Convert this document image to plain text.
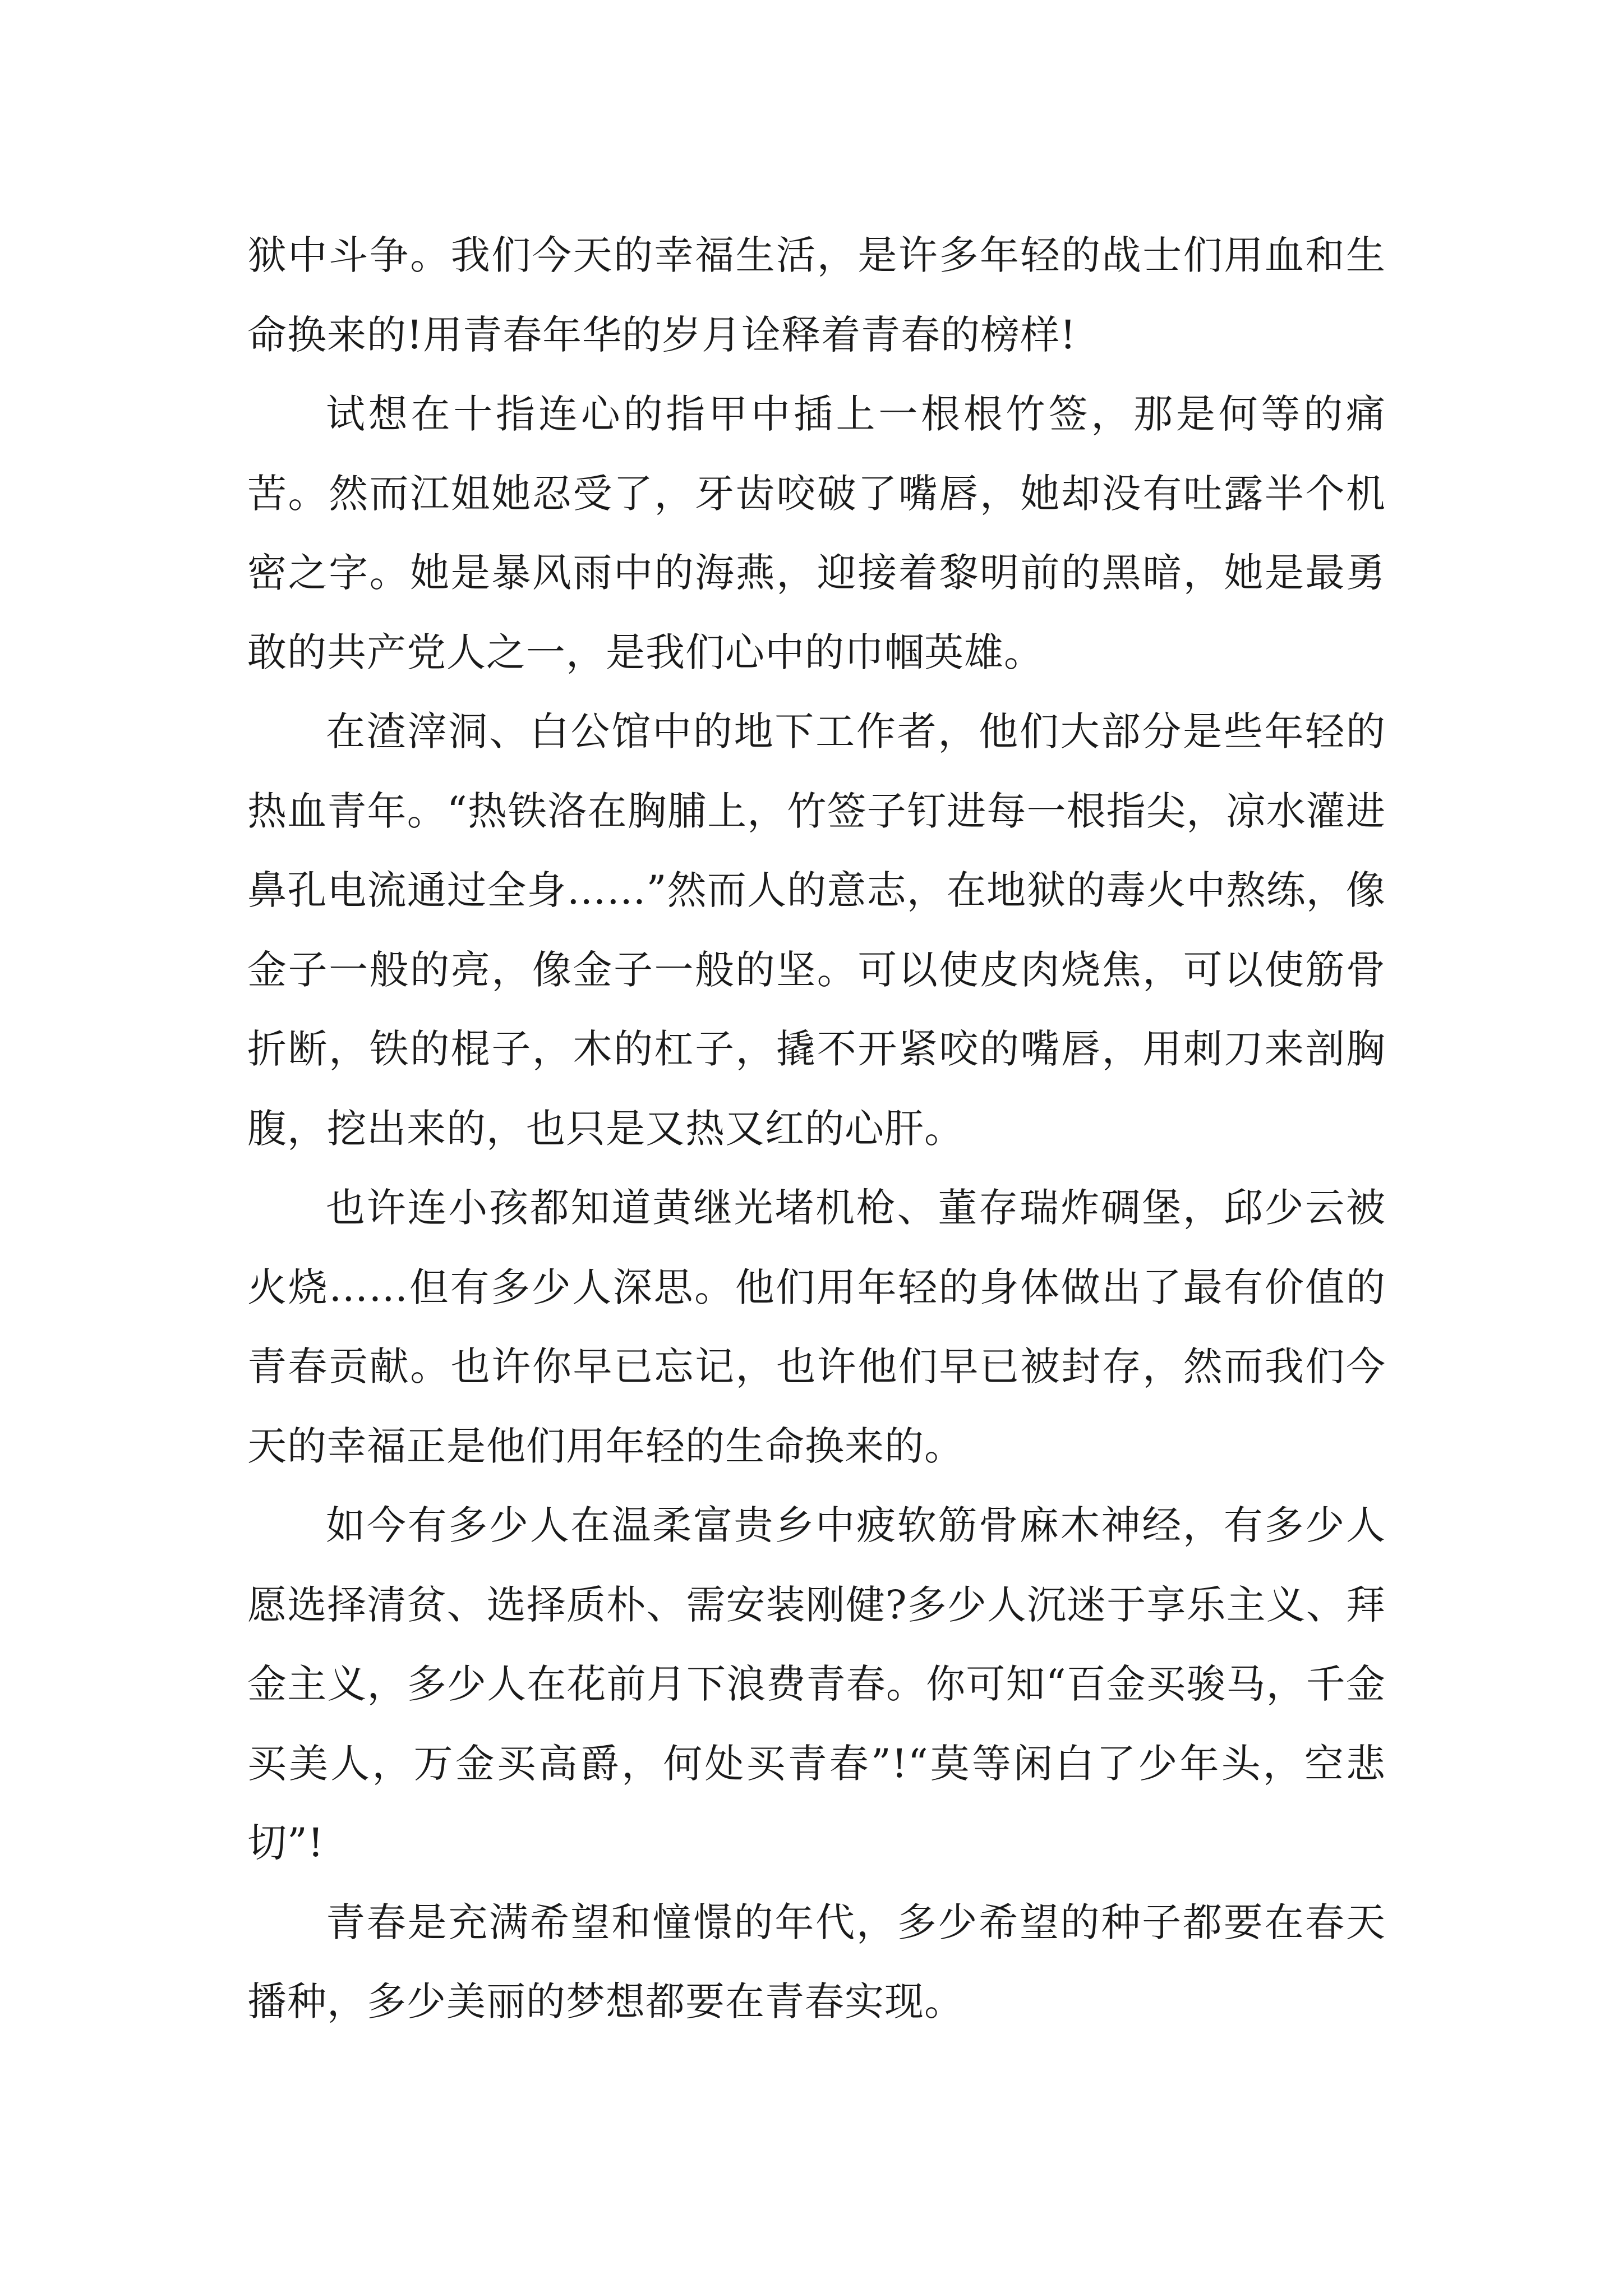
狱中斗争。我们今天的幸福生活，是许多年轻的战士们用血和生命换来的!用青春年华的岁月诠释着青春的榜样!

试想在十指连心的指甲中插上一根根竹签，那是何等的痛苦。然而江姐她忍受了，牙齿咬破了嘴唇，她却没有吐露半个机密之字。她是暴风雨中的海燕，迎接着黎明前的黑暗，她是最勇敢的共产党人之一，是我们心中的巾帼英雄。

在渣滓洞、白公馆中的地下工作者，他们大部分是些年轻的热血青年。“热铁洛在胸脯上，竹签子钉进每一根指尖，凉水灌进鼻孔电流通过全身……”然而人的意志，在地狱的毒火中熬练，像金子一般的亮，像金子一般的坚。可以使皮肉烧焦，可以使筋骨折断，铁的棍子，木的杠子，撬不开紧咬的嘴唇，用刺刀来剖胸腹，挖出来的，也只是又热又红的心肝。

也许连小孩都知道黄继光堵机枪、董存瑞炸碉堡，邱少云被火烧……但有多少人深思。他们用年轻的身体做出了最有价值的青春贡献。也许你早已忘记，也许他们早已被封存，然而我们今天的幸福正是他们用年轻的生命换来的。

如今有多少人在温柔富贵乡中疲软筋骨麻木神经，有多少人愿选择清贫、选择质朴、需安装刚健?多少人沉迷于享乐主义、拜金主义，多少人在花前月下浪费青春。你可知“百金买骏马，千金买美人，万金买高爵，何处买青春”!“莫等闲白了少年头，空悲切”!

青春是充满希望和憧憬的年代，多少希望的种子都要在春天播种，多少美丽的梦想都要在青春实现。
